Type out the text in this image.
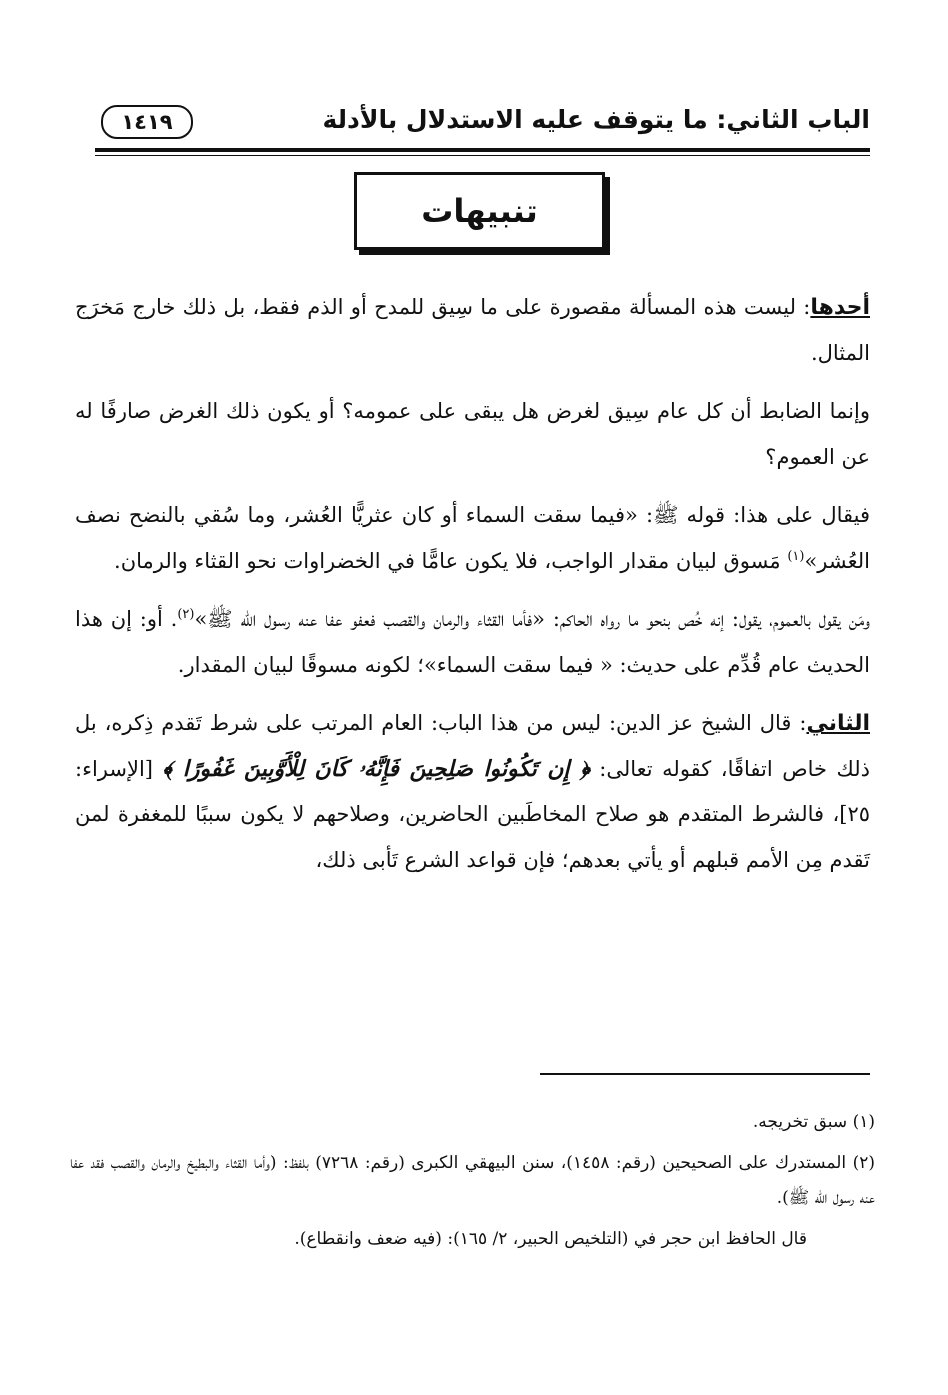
الباب الثاني: ما يتوقف عليه الاستدلال بالأدلة
١٤١٩
تنبيهات

أحدها: ليست هذه المسألة مقصورة على ما سِيق للمدح أو الذم فقط، بل ذلك خارج مَخرَج المثال.

وإنما الضابط أن كل عام سِيق لغرض هل يبقى على عمومه؟ أو يكون ذلك الغرض صارفًا له عن العموم؟

فيقال على هذا: قوله ﷺ: «فيما سقت السماء أو كان عثريًّا العُشر، وما سُقي بالنضح نصف العُشر»$^{(١)}$ مَسوق لبيان مقدار الواجب، فلا يكون عامًّا في الخضراوات نحو القثاء والرمان.

ومَن يقول بالعموم، يقول: إنه خُص بنحو ما رواه الحاكم: «فأما القثاء والرمان والقصب فعفو عفا عنه رسول الله ﷺ»$^{(٢)}$. أو: إن هذا الحديث عام قُدِّم على حديث: « فيما سقت السماء»؛ لكونه مسوقًا لبيان المقدار.

الثاني: قال الشيخ عز الدين: ليس من هذا الباب: العام المرتب على شرط تَقدم ذِكره، بل ذلك خاص اتفاقًا، كقوله تعالى: ﴿ إِن تَكُونُوا صَلِحِينَ فَإِنَّهُۥ كَانَ لِلْأَوَّبِينَ غَفُورًا ﴾ [الإسراء: ٢٥]، فالشرط المتقدم هو صلاح المخاطَبين الحاضرين، وصلاحهم لا يكون سببًا للمغفرة لمن تَقدم مِن الأمم قبلهم أو يأتي بعدهم؛ فإن قواعد الشرع تَأبى ذلك،

(١) سبق تخريجه.

(٢) المستدرك على الصحيحين (رقم: ١٤٥٨)، سنن البيهقي الكبرى (رقم: ٧٢٦٨) بلفظ: (وأما القثاء والبطيخ والرمان والقصب فقد عفا عنه رسول الله ﷺ).

قال الحافظ ابن حجر في (التلخيص الحبير، ٢/ ١٦٥): (فيه ضعف وانقطاع).
